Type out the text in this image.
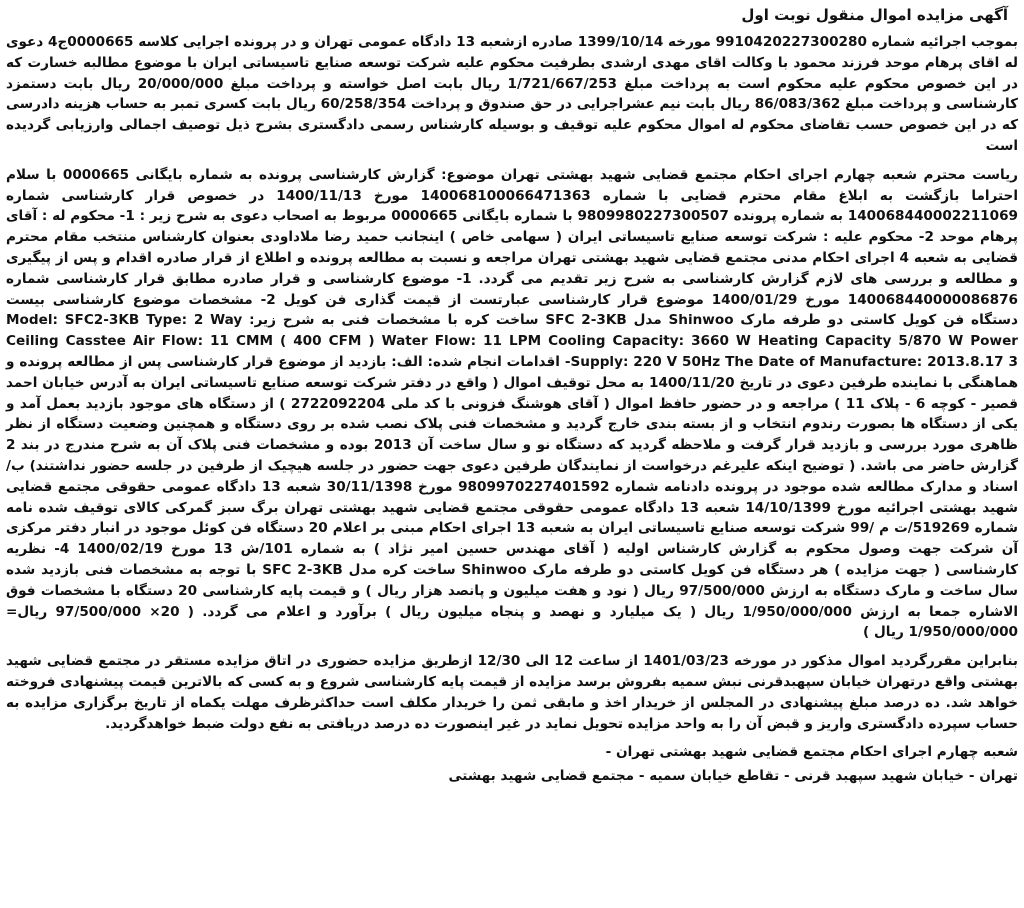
آگهی مزایده اموال منقول نوبت اول

بموجب اجرائیه شماره 9910420227300280 مورخه 1399/10/14 صادره ازشعبه 13 دادگاه عمومی تهران و در پرونده اجرایی کلاسه 0000665ج4 دعوی له اقای پرهام موحد فرزند محمود با وکالت اقای مهدی ارشدی بطرفیت محکوم علیه شرکت توسعه صنایع تاسیساتی ایران با موضوع مطالبه خسارت که در این خصوص محکوم علیه محکوم است به پرداخت مبلغ 1/721/667/253 ریال بابت اصل خواسته و پرداخت مبلغ 20/000/000 ریال بابت دستمزد کارشناسی و پرداخت مبلغ 86/083/362 ریال بابت نیم عشراجرایی در حق صندوق و پرداخت 60/258/354 ریال بابت کسری تمبر به حساب هزینه دادرسی که در این خصوص حسب تقاضای محکوم له اموال محکوم علیه توقیف و بوسیله کارشناس رسمی دادگستری بشرح ذیل توصیف اجمالی وارزیابی گردیده است

ریاست محترم شعبه چهارم اجرای احکام مجتمع قضایی شهید بهشتی تهران موضوع: گزارش کارشناسی پرونده به شماره بایگانی 0000665 با سلام احتراما بازگشت به ابلاغ مقام محترم قضایی با شماره 140068100066471363 مورخ 1400/11/13 در خصوص قرار کارشناسی شماره 140068440002211069 به شماره پرونده 9809980227300507 با شماره بایگانی 0000665 مربوط به اصحاب دعوی به شرح زیر : 1- محکوم له : آقای پرهام موحد 2- محکوم علیه : شرکت توسعه صنایع تاسیساتی ایران ( سهامی خاص ) اینجانب حمید رضا ملاداودی بعنوان کارشناس منتخب مقام محترم قضایی به شعبه 4 اجرای احکام مدنی مجتمع قضایی شهید بهشتی تهران مراجعه و نسبت به مطالعه پرونده و اطلاع از قرار صادره اقدام و پس از پیگیری و مطالعه و بررسی های لازم گزارش کارشناسی به شرح زیر تقدیم می گردد. 1- موضوع کارشناسی و قرار صادره مطابق قرار کارشناسی شماره 140068440000086876 مورخ 1400/01/29 موضوع قرار کارشناسی عبارتست از قیمت گذاری فن کویل 2- مشخصات موضوع کارشناسی بیست دستگاه فن کویل کاستی دو طرفه مارک Shinwoo مدل SFC 2-3KB ساخت کره با مشخصات فنی به شرح زیر: Model: SFC2-3KB Type: 2 Way Ceiling Casstee Air Flow: 11 CMM ( 400 CFM ) Water Flow: 11 LPM Cooling Capacity: 3660 W Heating Capacity 5/870 W Power Supply: 220 V 50Hz The Date of Manufacture: 2013.8.17 3- اقدامات انجام شده: الف: بازدید از موضوع قرار کارشناسی پس از مطالعه پرونده و هماهنگی با نماینده طرفین دعوی در تاریخ 1400/11/20 به محل توقیف اموال ( واقع در دفتر شرکت توسعه صنایع تاسیساتی ایران به آدرس خیابان احمد قصیر - کوچه 6 - پلاک 11 ) مراجعه و در حضور حافظ اموال ( آقای هوشنگ فزونی با کد ملی 2722092204 ) از دستگاه های موجود بازدید بعمل آمد و یکی از دستگاه ها بصورت رندوم انتخاب و از بسته بندی خارج گردید و مشخصات فنی پلاک نصب شده بر روی دستگاه و همچنین وضعیت دستگاه از نظر ظاهری مورد بررسی و بازدید قرار گرفت و ملاحظه گردید که دستگاه نو و سال ساخت آن 2013 بوده و مشخصات فنی پلاک آن به شرح مندرج در بند 2 گزارش حاضر می باشد. ( توضیح اینکه علیرغم درخواست از نمایندگان طرفین دعوی جهت حضور در جلسه هیچیک از طرفین در جلسه حضور نداشتند) ب/ اسناد و مدارک مطالعه شده موجود در پرونده دادنامه شماره 9809970227401592 مورخ 30/11/1398 شعبه 13 دادگاه عمومی حقوقی مجتمع قضایی شهید بهشتی اجرائیه مورخ 14/10/1399 شعبه 13 دادگاه عمومی حقوقی مجتمع قضایی شهید بهشتی تهران برگ سبز گمرکی کالای توقیف شده نامه شماره 519269/ت م /99 شرکت توسعه صنایع تاسیساتی ایران به شعبه 13 اجرای احکام مبنی بر اعلام 20 دستگاه فن کوئل موجود در انبار دفتر مرکزی آن شرکت جهت وصول محکوم به گزارش کارشناس اولیه ( آقای مهندس حسین امیر نژاد ) به شماره 101/ش 13 مورخ 1400/02/19 4- نظریه کارشناسی ( جهت مزایده ) هر دستگاه فن کویل کاستی دو طرفه مارک Shinwoo ساخت کره مدل SFC 2-3KB با توجه به مشخصات فنی بازدید شده سال ساخت و مارک دستگاه به ارزش 97/500/000 ریال ( نود و هفت میلیون و پانصد هزار ریال ) و قیمت پایه کارشناسی 20 دستگاه با مشخصات فوق الاشاره جمعا به ارزش 1/950/000/000 ریال ( یک میلیارد و نهصد و پنجاه میلیون ریال ) برآورد و اعلام می گردد. ( 20× 97/500/000 ریال= 1/950/000/000 ریال )

بنابراین مقررگردید اموال مذکور در مورخه 1401/03/23 از ساعت 12 الی 12/30 ازطریق مزایده حضوری در اتاق مزایده مستقر در مجتمع قضایی شهید بهشتی واقع درتهران خیابان سپهبدقرنی نبش سمیه بفروش برسد مزایده از قیمت پایه کارشناسی شروع و به کسی که بالاترین قیمت پیشنهادی فروخته خواهد شد. ده درصد مبلغ پیشنهادی در المجلس از خریدار اخذ و مابقی ثمن را خریدار مکلف است حداکثرظرف مهلت یکماه از تاریخ برگزاری مزایده به حساب سپرده دادگستری واریز و قبض آن را به واحد مزایده تحویل نماید در غیر اینصورت ده درصد دریافتی به نفع دولت ضبط خواهدگردید.

شعبه چهارم اجرای احکام مجتمع قضایی شهید بهشتی تهران -

تهران - خیابان شهید سپهبد قرنی - تقاطع خیابان سمیه - مجتمع قضایی شهید بهشتی
